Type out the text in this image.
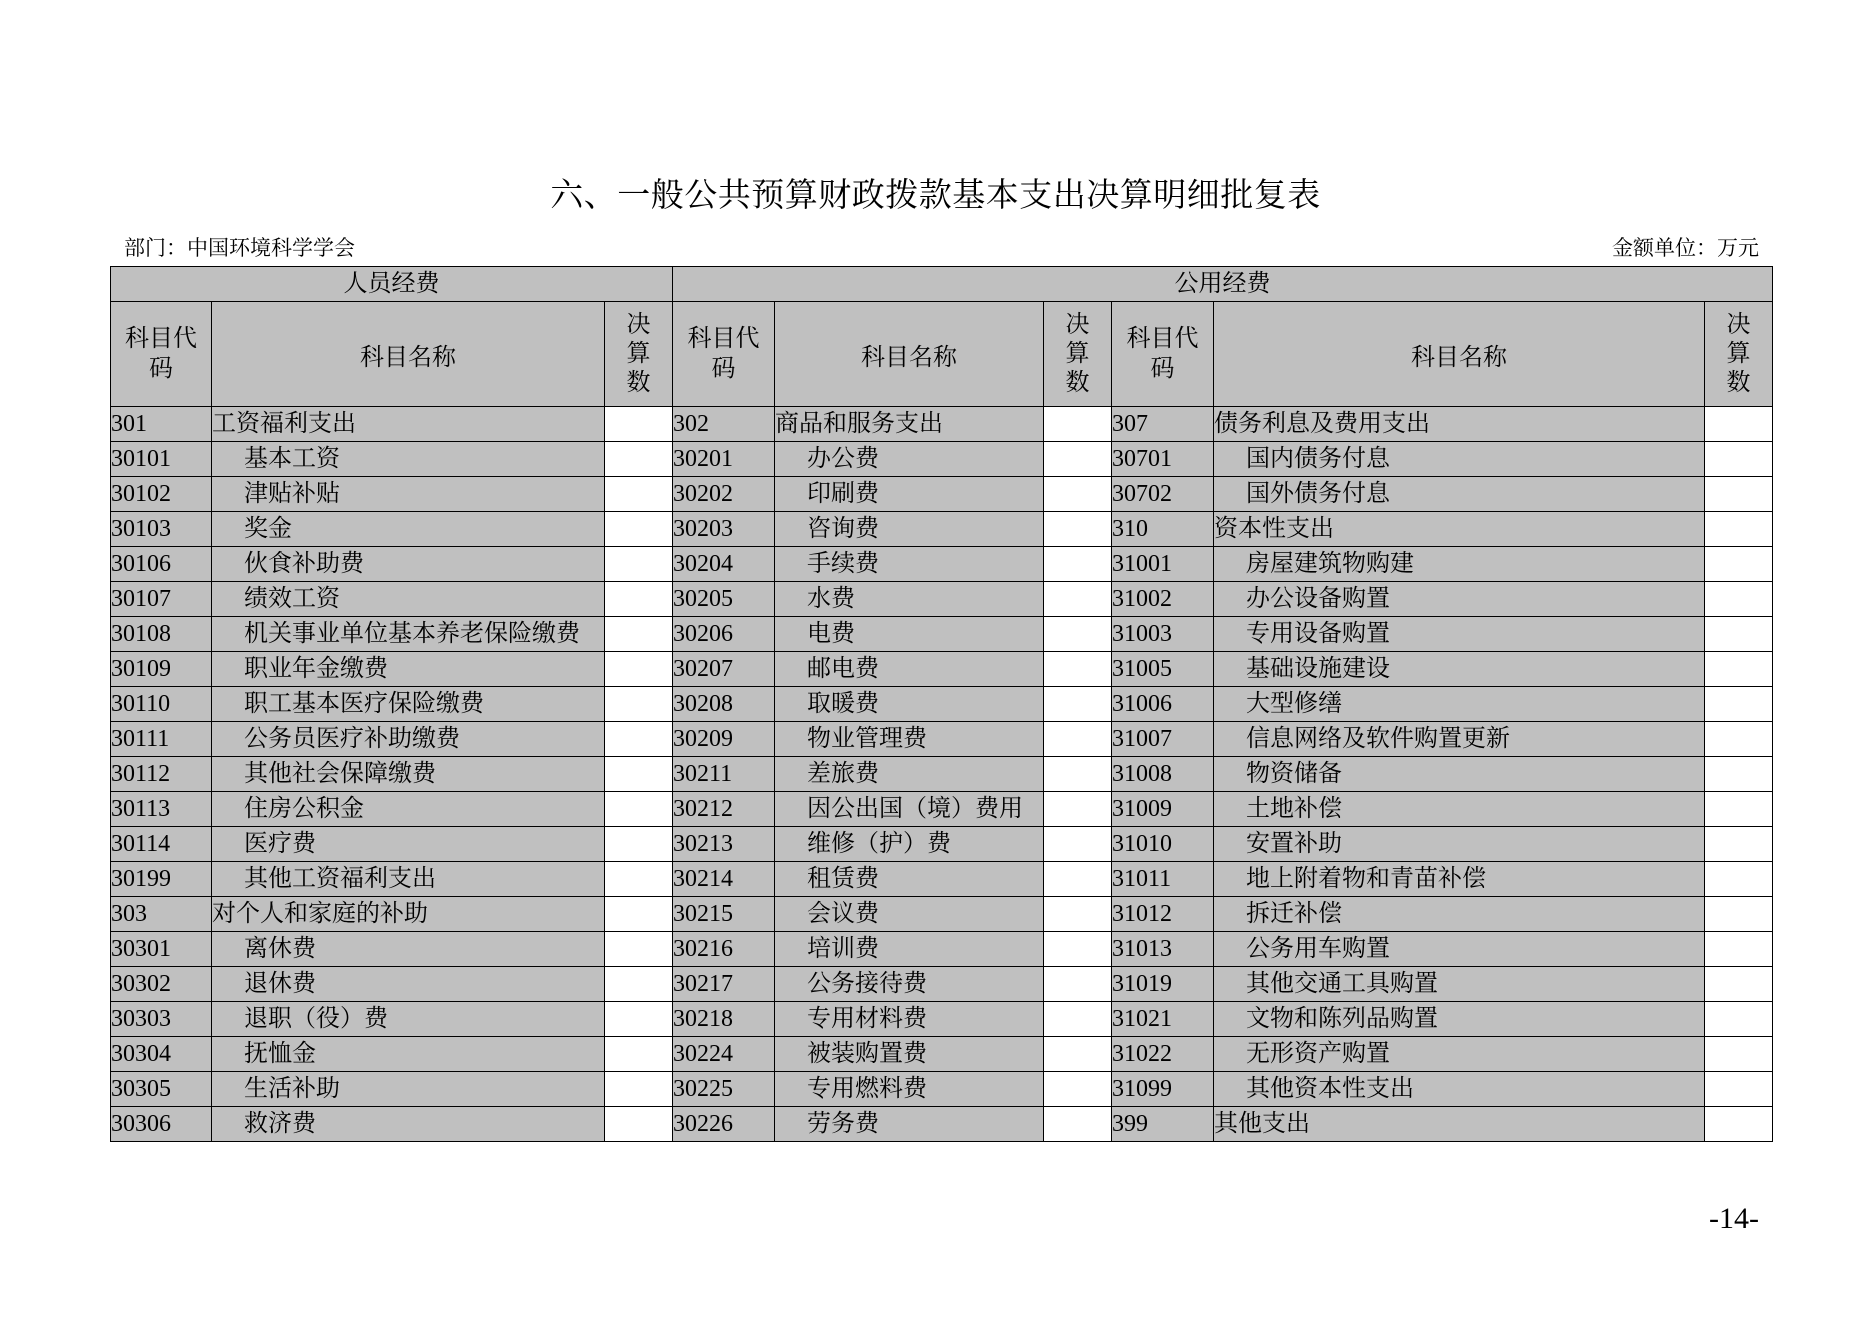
六、一般公共预算财政拨款基本支出决算明细批复表
部门：中国环境科学学会	金额单位：万元
人员经费			公用经费					
科目代码	科目名称	决算数	科目代码	科目名称	决算数	科目代码	科目名称	决算数
301	工资福利支出		302	商品和服务支出		307	债务利息及费用支出	
30101	基本工资		30201	办公费		30701	国内债务付息	
30102	津贴补贴		30202	印刷费		30702	国外债务付息	
30103	奖金		30203	咨询费		310	资本性支出	
30106	伙食补助费		30204	手续费		31001	房屋建筑物购建	
30107	绩效工资		30205	水费		31002	办公设备购置	
30108	机关事业单位基本养老保险缴费		30206	电费		31003	专用设备购置	
30109	职业年金缴费		30207	邮电费		31005	基础设施建设	
30110	职工基本医疗保险缴费		30208	取暖费		31006	大型修缮	
30111	公务员医疗补助缴费		30209	物业管理费		31007	信息网络及软件购置更新	
30112	其他社会保障缴费		30211	差旅费		31008	物资储备	
30113	住房公积金		30212	因公出国（境）费用		31009	土地补偿	
30114	医疗费		30213	维修（护）费		31010	安置补助	
30199	其他工资福利支出		30214	租赁费		31011	地上附着物和青苗补偿	
303	对个人和家庭的补助		30215	会议费		31012	拆迁补偿	
30301	离休费		30216	培训费		31013	公务用车购置	
30302	退休费		30217	公务接待费		31019	其他交通工具购置	
30303	退职（役）费		30218	专用材料费		31021	文物和陈列品购置	
30304	抚恤金		30224	被装购置费		31022	无形资产购置	
30305	生活补助		30225	专用燃料费		31099	其他资本性支出	
30306	救济费		30226	劳务费		399	其他支出	
-14-
